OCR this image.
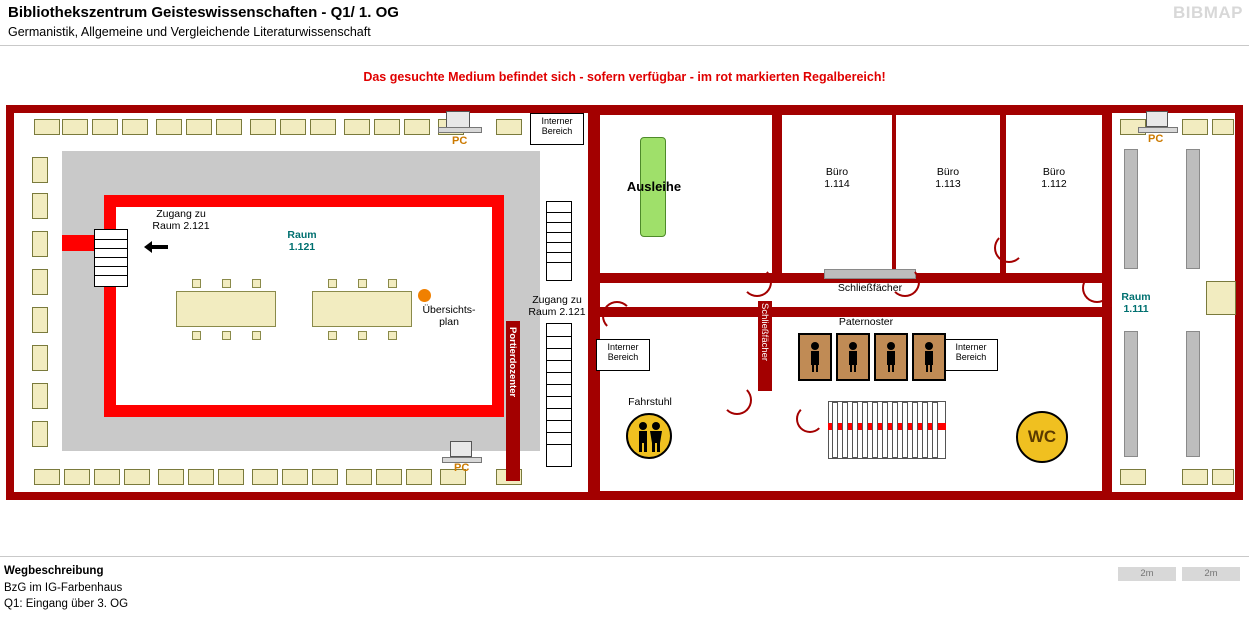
Bibliothekszentrum Geisteswissenschaften - Q1/ 1. OG
Germanistik, Allgemeine und Vergleichende Literaturwissenschaft
BIBMAP
Das gesuchte Medium befindet sich - sofern verfügbar - im rot markierten Regalbereich!
Übersichts-
plan
Zugang zu
Raum 2.121
Raum
1.121
PC
PC
Portierdozenter
Interner
Bereich
Zugang zu
Raum 2.121
Ausleihe
Büro
1.114
Büro
1.113
Büro
1.112
Schließfächer
Schließfächer
Interner
Bereich
Interner
Bereich
Paternoster
Fahrstuhl
WC
PC
Raum
1.111
Wegbeschreibung
BzG im IG-Farbenhaus
Q1: Eingang über 3. OG
2m	2m
